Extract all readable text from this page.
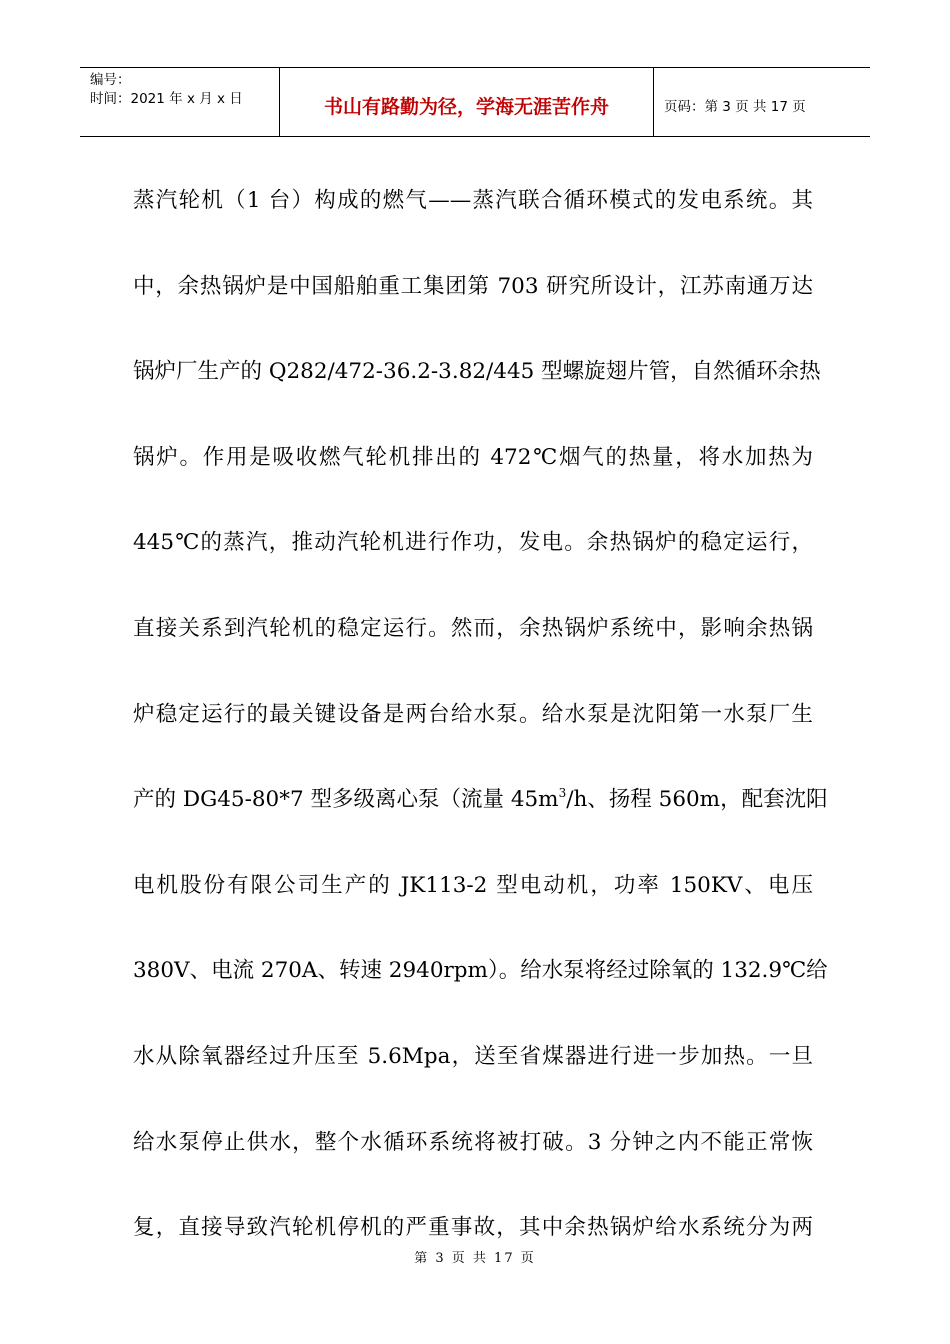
编号：
时间：2021 年 x 月 x 日	书山有路勤为径，学海无涯苦作舟	页码：第 3 页 共 17 页
蒸汽轮机（1 台）构成的燃气——蒸汽联合循环模式的发电系统。其
中，余热锅炉是中国船舶重工集团第 703 研究所设计，江苏南通万达
锅炉厂生产的 Q282/472-36.2-3.82/445 型螺旋翅片管，自然循环余热
锅炉。作用是吸收燃气轮机排出的 472℃烟气的热量，将水加热为
445℃的蒸汽，推动汽轮机进行作功，发电。余热锅炉的稳定运行，
直接关系到汽轮机的稳定运行。然而，余热锅炉系统中，影响余热锅
炉稳定运行的最关键设备是两台给水泵。给水泵是沈阳第一水泵厂生
产的 DG45-80*7 型多级离心泵（流量 $45m^3/h$、扬程 560m，配套沈阳
电机股份有限公司生产的 JK113-2 型电动机，功率 150KV、电压
380V、电流 270A、转速 2940rpm）。给水泵将经过除氧的 132.9℃给
水从除氧器经过升压至 5.6Mpa，送至省煤器进行进一步加热。一旦
给水泵停止供水，整个水循环系统将被打破。3 分钟之内不能正常恢
复，直接导致汽轮机停机的严重事故，其中余热锅炉给水系统分为两
第 3 页 共 17 页
